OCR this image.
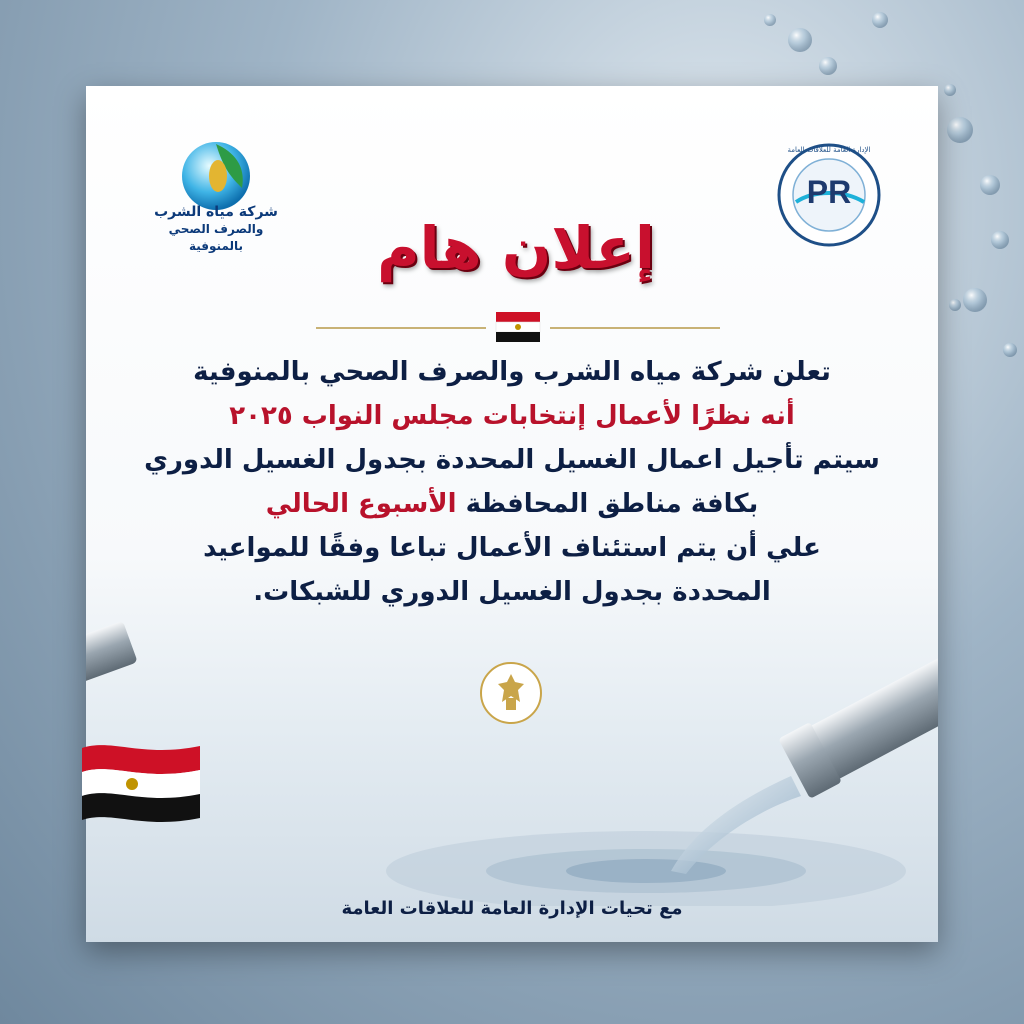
شركة مياه الشرب
والصرف الصحي بالمنوفية
PR
الإدارة العامة للعلاقات العامة
إعلان هام
تعلن شركة مياه الشرب والصرف الصحي بالمنوفية
أنه نظرًا لأعمال إنتخابات مجلس النواب ٢٠٢٥
سيتم تأجيل اعمال الغسيل المحددة بجدول الغسيل الدوري
بكافة مناطق المحافظة الأسبوع الحالي
علي أن يتم استئناف الأعمال تباعا وفقًا للمواعيد
المحددة بجدول الغسيل الدوري للشبكات.
مع تحيات الإدارة العامة للعلاقات العامة
